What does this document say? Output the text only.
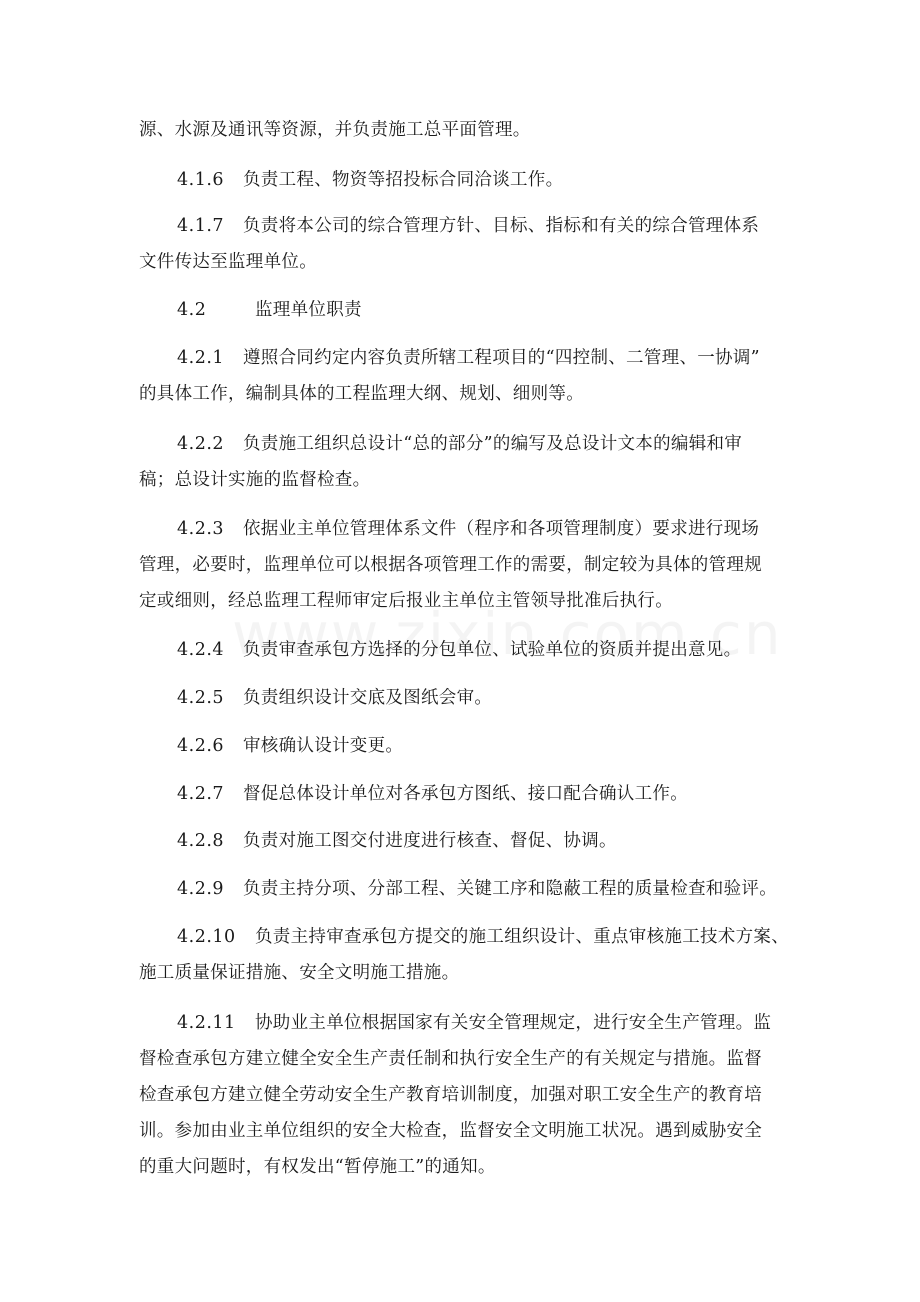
源、水源及通讯等资源，并负责施工总平面管理。
4.1.6 负责工程、物资等招投标合同洽谈工作。
4.1.7 负责将本公司的综合管理方针、目标、指标和有关的综合管理体系
文件传达至监理单位。
4.2	监理单位职责
4.2.1 遵照合同约定内容负责所辖工程项目的“四控制、二管理、一协调”
的具体工作，编制具体的工程监理大纲、规划、细则等。
4.2.2 负责施工组织总设计“总的部分”的编写及总设计文本的编辑和审
稿；总设计实施的监督检查。
4.2.3 依据业主单位管理体系文件（程序和各项管理制度）要求进行现场
管理，必要时，监理单位可以根据各项管理工作的需要，制定较为具体的管理规
定或细则，经总监理工程师审定后报业主单位主管领导批准后执行。
4.2.4 负责审查承包方选择的分包单位、试验单位的资质并提出意见。
4.2.5 负责组织设计交底及图纸会审。
4.2.6 审核确认设计变更。
4.2.7 督促总体设计单位对各承包方图纸、接口配合确认工作。
4.2.8 负责对施工图交付进度进行核查、督促、协调。
4.2.9 负责主持分项、分部工程、关键工序和隐蔽工程的质量检查和验评。
4.2.10 负责主持审查承包方提交的施工组织设计、重点审核施工技术方案、
施工质量保证措施、安全文明施工措施。
4.2.11 协助业主单位根据国家有关安全管理规定，进行安全生产管理。监
督检查承包方建立健全安全生产责任制和执行安全生产的有关规定与措施。监督
检查承包方建立健全劳动安全生产教育培训制度，加强对职工安全生产的教育培
训。参加由业主单位组织的安全大检查，监督安全文明施工状况。遇到威胁安全
的重大问题时，有权发出“暂停施工”的通知。
